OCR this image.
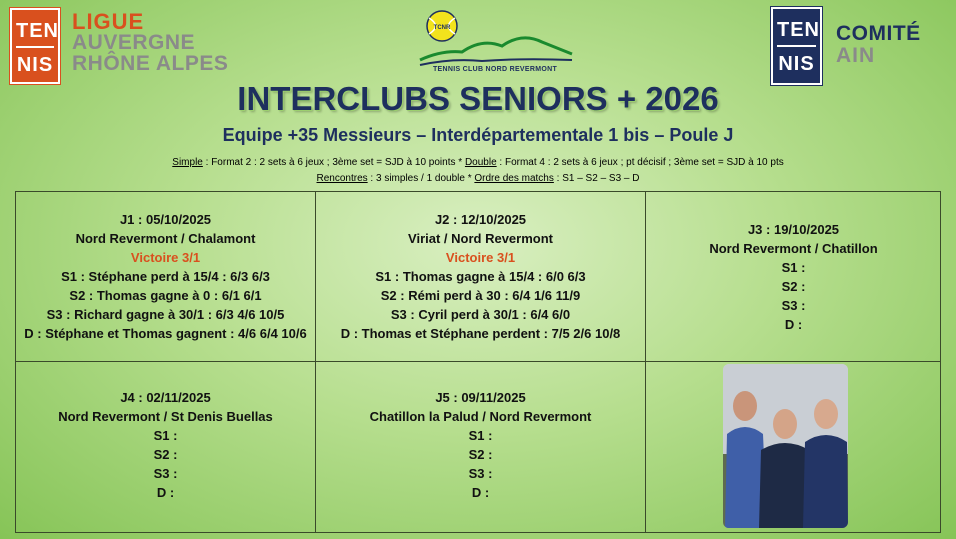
TEN
NIS
LIGUE
AUVERGNE
RHÔNE ALPES
TCNR
TENNIS CLUB NORD REVERMONT
TEN
NIS
COMITÉ
AIN
INTERCLUBS SENIORS + 2026
Equipe +35 Messieurs – Interdépartementale 1 bis – Poule J
Simple : Format 2 : 2 sets à 6 jeux ; 3ème set = SJD à 10 points * Double : Format 4 : 2 sets à 6 jeux ; pt décisif ; 3ème set = SJD à 10 pts
Rencontres : 3 simples / 1 double * Ordre des matchs : S1 – S2 – S3 – D
J1 : 05/10/2025
Nord Revermont / Chalamont
Victoire 3/1
S1 : Stéphane perd à 15/4 : 6/3 6/3
S2 : Thomas gagne à 0 : 6/1 6/1
S3 : Richard gagne à 30/1 : 6/3 4/6 10/5
D : Stéphane et Thomas gagnent : 4/6 6/4 10/6
J2 : 12/10/2025
Viriat / Nord Revermont
Victoire 3/1
S1 : Thomas gagne à 15/4 : 6/0 6/3
S2 : Rémi perd à 30 : 6/4 1/6 11/9
S3 : Cyril perd à 30/1 : 6/4 6/0
D : Thomas et Stéphane perdent : 7/5 2/6 10/8
J3 : 19/10/2025
Nord Revermont / Chatillon
S1 :
S2 :
S3 :
D :
J4 : 02/11/2025
Nord Revermont / St Denis Buellas
S1 :
S2 :
S3 :
D :
J5 : 09/11/2025
Chatillon la Palud / Nord Revermont
S1 :
S2 :
S3 :
D :
